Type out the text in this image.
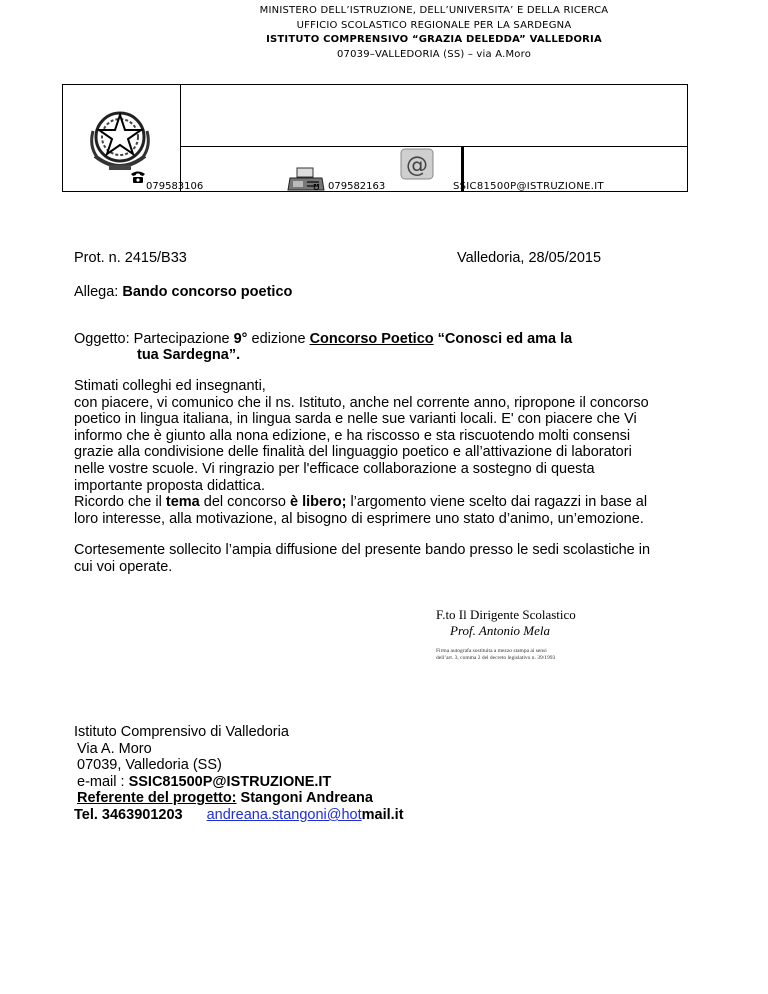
MINISTERO DELL’ISTRUZIONE, DELL’UNIVERSITA’ E DELLA RICERCA
UFFICIO SCOLASTICO REGIONALE PER LA SARDEGNA
ISTITUTO COMPRENSIVO “GRAZIA DELEDDA” VALLEDORIA
07039–VALLEDORIA (SS) – via A.Moro
079583106	ʊ 079582163
@
SSIC81500P@ISTRUZIONE.IT
Prot. n. 2415/B33	Valledoria, 28/05/2015
Allega: Bando concorso poetico
Oggetto: Partecipazione 9° edizione Concorso Poetico “Conosci ed ama la
tua Sardegna”.
Stimati colleghi ed insegnanti,
con piacere, vi comunico che il ns. Istituto, anche nel corrente anno, ripropone il concorso
poetico in lingua italiana, in lingua sarda e nelle sue varianti locali. E' con piacere che Vi
informo che è giunto alla nona edizione, e ha riscosso e sta riscuotendo molti consensi
grazie alla condivisione delle finalità del linguaggio poetico e all’attivazione di laboratori
nelle vostre scuole. Vi ringrazio per l'efficace collaborazione a sostegno di questa
importante proposta didattica.
Ricordo che il tema del concorso è libero; l’argomento viene scelto dai ragazzi in base al
loro interesse, alla motivazione, al bisogno di esprimere uno stato d’animo, un’emozione.
Cortesemente sollecito l’ampia diffusione del presente bando presso le sedi scolastiche in
cui voi operate.
F.to Il Dirigente Scolastico
Prof. Antonio Mela
Firma autografa sostituita a mezzo stampa ai sensi
dell’art. 3, comma 2 del decreto legislativo n. 39/1993
Istituto Comprensivo di Valledoria
Via A. Moro
07039, Valledoria (SS)
e-mail : SSIC81500P@ISTRUZIONE.IT
Referente del progetto: Stangoni Andreana
Tel. 3463901203 andreana.stangoni@hotmail.it
